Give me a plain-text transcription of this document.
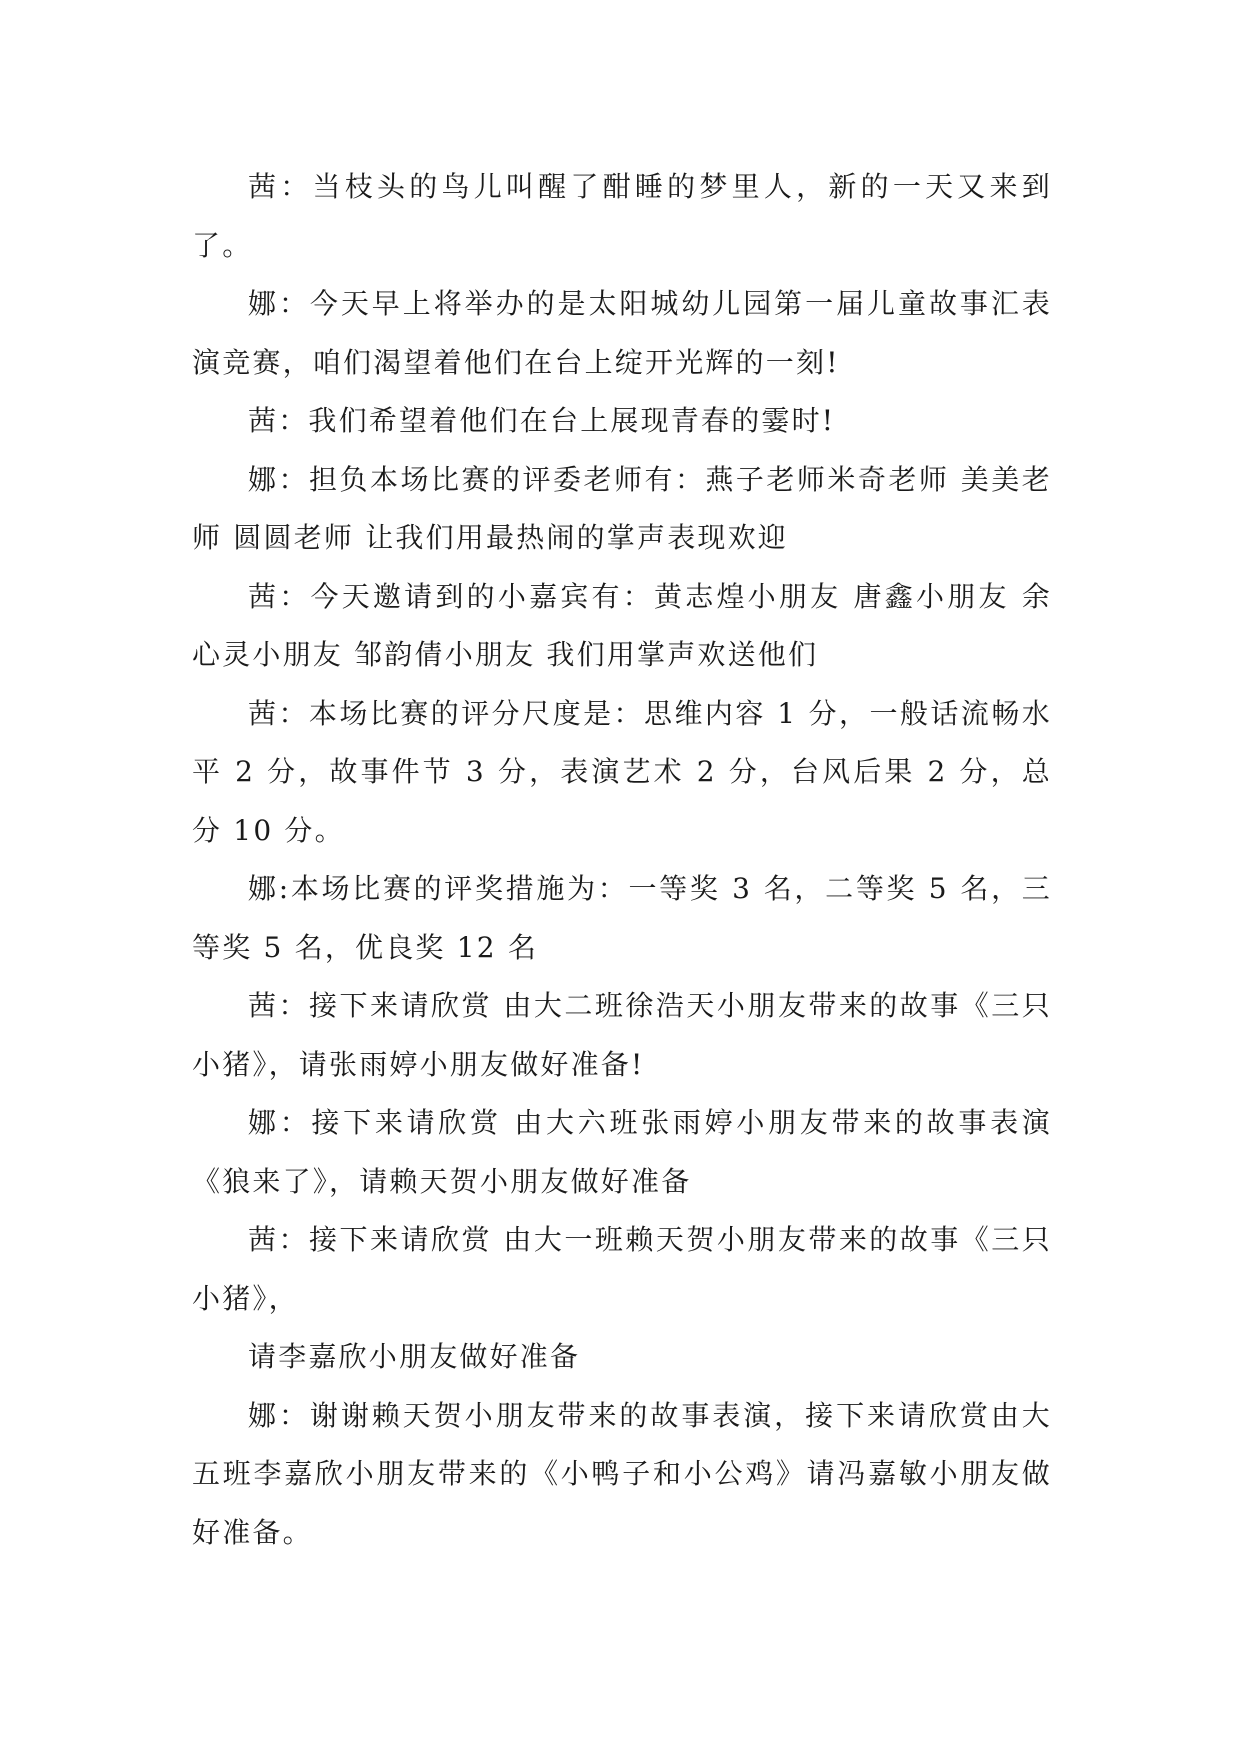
茜：当枝头的鸟儿叫醒了酣睡的梦里人，新的一天又来到了。

娜：今天早上将举办的是太阳城幼儿园第一届儿童故事汇表演竞赛，咱们渴望着他们在台上绽开光辉的一刻!

茜：我们希望着他们在台上展现青春的霎时!

娜：担负本场比赛的评委老师有：燕子老师米奇老师 美美老师 圆圆老师 让我们用最热闹的掌声表现欢迎

茜：今天邀请到的小嘉宾有：黄志煌小朋友 唐鑫小朋友 余心灵小朋友 邹韵倩小朋友 我们用掌声欢送他们

茜：本场比赛的评分尺度是：思维内容 1 分，一般话流畅水平 2 分，故事件节 3 分，表演艺术 2 分，台风后果 2 分，总分 10 分。

娜:本场比赛的评奖措施为：一等奖 3 名，二等奖 5 名，三等奖 5 名，优良奖 12 名

茜：接下来请欣赏 由大二班徐浩天小朋友带来的故事《三只小猪》，请张雨婷小朋友做好准备!

娜：接下来请欣赏 由大六班张雨婷小朋友带来的故事表演《狼来了》，请赖天贺小朋友做好准备

茜：接下来请欣赏 由大一班赖天贺小朋友带来的故事《三只小猪》，

请李嘉欣小朋友做好准备

娜：谢谢赖天贺小朋友带来的故事表演，接下来请欣赏由大五班李嘉欣小朋友带来的《小鸭子和小公鸡》请冯嘉敏小朋友做好准备。
